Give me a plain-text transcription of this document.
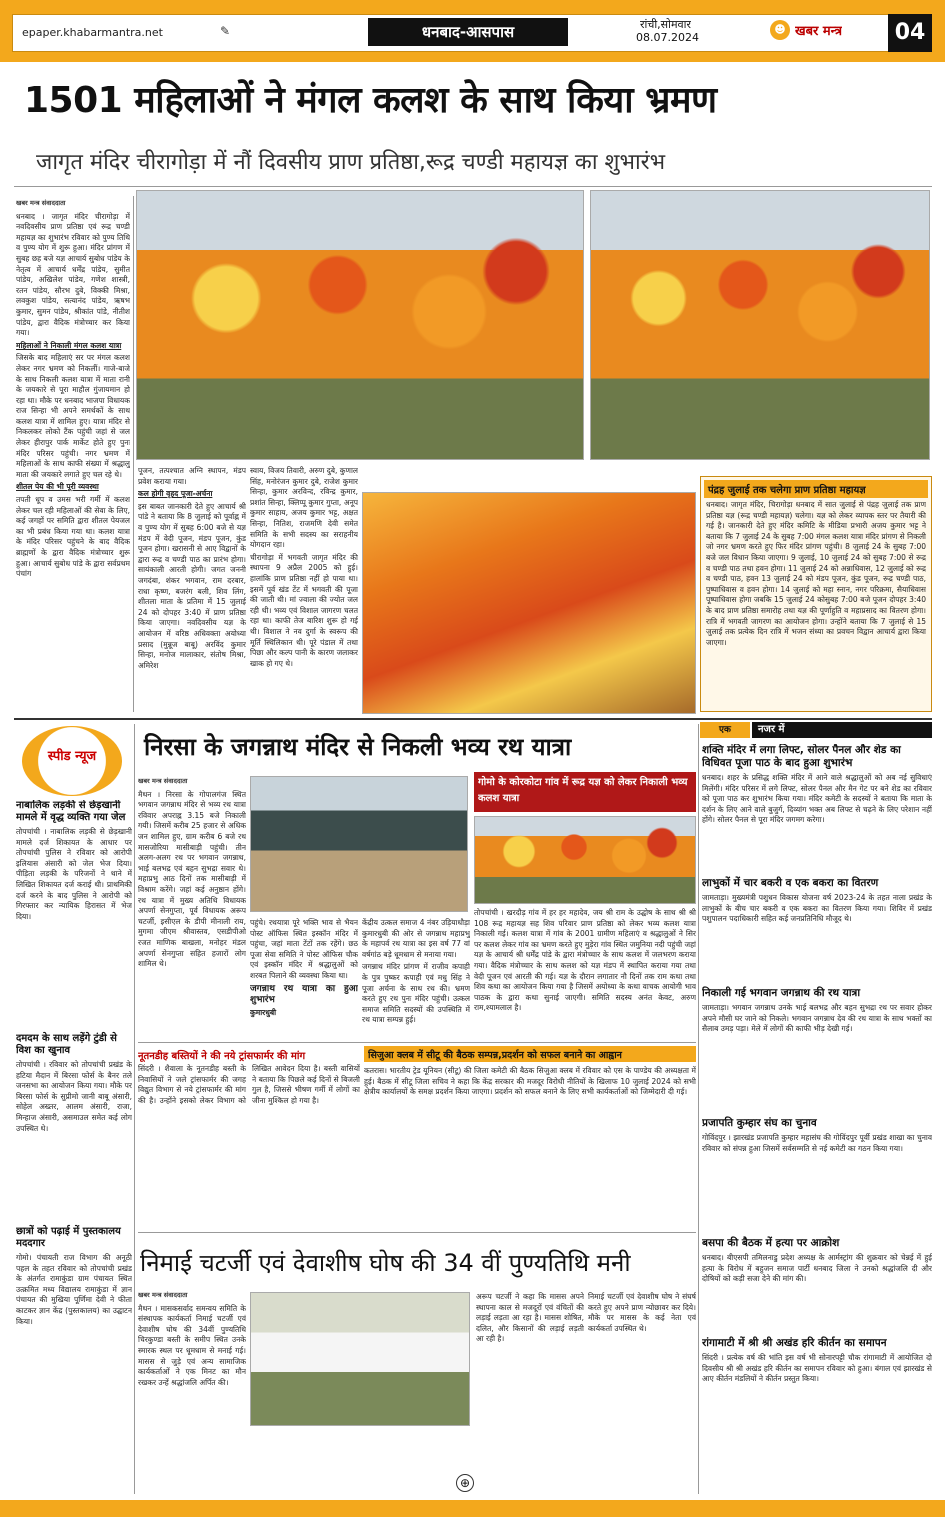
epaper.khabarmantra.net	✎	धनबाद-आसपास	रांची,सोमवार
08.07.2024
☻ खबर मन्त्र	04
1501 महिलाओं ने मंगल कलश के साथ किया भ्रमण
जागृत मंदिर चीरागोड़ा में नौं दिवसीय प्राण प्रतिष्ठा,रूद्र चण्डी महायज्ञ का शुभारंभ
खबर मन्त्र संवाददाता

धनबाद । जागृत मंदिर चीरागोड़ा में नवदिवसीय प्राण प्रतिष्ठा एवं रूद्र चण्डी महायज्ञ का शुभारंभ रविवार को पुण्य तिथि व पुण्य योग में शुरू हुआ। मंदिर प्रांगण में सुबह छह बजे यज्ञ आचार्य सुबोध पांडेय के नेतृत्व में आचार्य धर्मेंद्र पांडेय, सुमीत पांडेय, अखिलेश पांडेय, गणेश शास्त्री, रतन पांडेय, सौरभ दुबे, विक्की मिश्रा, लवकुश पांडेय, सत्यानंद पांडेय, ऋषभ कुमार, सुमन पांडेय, श्रीकांत पांडे, नीतीश पांडेय, द्वारा वैदिक मंत्रोच्चार कर किया गया।

महिलाओं ने निकाली मंगल कलश यात्रा

जिसके बाद महिलाएं सर पर मंगल कलश लेकर नगर भ्रमण को निकलीं। गाजे-बाजे के साथ निकली कलश यात्रा में माता रानी के जयकारे से पूरा माहौल गुंजायमान हो रहा था। मौके पर धनबाद भाजपा विधायक राज सिन्हा भी अपने समर्थकों के साथ कलश यात्रा में शामिल हुए। यात्रा मंदिर से निकलकर लोको टैंक पहुंची जहां से जल लेकर हीरापुर पार्क मार्केट होते हुए पुनः मंदिर परिसर पहुंची। नगर भ्रमण में महिलाओं के साथ काफी संख्या में श्रद्धालु माता की जयकारे लगाते हुए चल रहे थे।

शीतल पेय की भी पूरी व्यवस्था

तपती धूप व उमस भरी गर्मी में कलश लेकर चल रही महिलाओं की सेवा के लिए, कई जगहों पर समिति द्वारा शीतल पेयजल का भी प्रबंध किया गया था। कलश यात्रा के मंदिर परिसर पहुंचने के बाद वैदिक ब्राह्मणों के द्वारा वैदिक मंत्रोच्चार शुरू हुआ। आचार्य सुबोध पांडे के द्वारा सर्वप्रथम पंचांग

पूजन, तत्पश्चात अग्नि स्थापन, मंडप प्रवेश कराया गया।

कल होगी वृहद पूजा-अर्चना

इस बाबत जानकारी देते हुए आचार्य श्री पांडे ने बताया कि 8 जुलाई को पूर्वाह्न में व पुण्य योग में सुबह 6:00 बजे से यज्ञ मंडप में वेदी पूजन, मंडप पूजन, कुंड पूजन होगा। खरासनी से आए विद्वानों के द्वारा रूद्र व चण्डी पाठ का प्रारंभ होगा। सायंकाली आरती होगी। जगत जननी जगदंबा, शंकर भगवान, राम दरबार, राधा कृष्ण, बजरंग बली, शिव लिंग, शीतला माता के प्रतिमा में 15 जुलाई 24 को दोपहर 3:40 में प्राण प्रतिष्ठा किया जाएगा। नवदिवसीय यज्ञ के आयोजन में वरिष्ठ अधिवक्ता अयोध्या प्रसाद (मुन्नूज बाबू) अरविंद कुमार सिन्हा, मनोज मालाकार, संतोष मिश्रा, अमिरेश

स्वाय, विजय तिवारी, अरुण दुबे, कुणाल सिंह, मनोरंजन कुमार दुबे, राजेश कुमार सिन्हा, कुमार अरविन्द, रविन्द्र कुमार, प्रशांत सिन्हा, क्लिप्पू कुमार गुप्ता, अनूप कुमार साहाय, अजय कुमार भट्ट, अक्षत सिन्हा, नितिश, राजमणि देवी समेत समिति के सभी सदस्य का सराहनीय योगदान रहा।

चीरागोड़ा में भगवती जागृत मंदिर की स्थापना 9 अप्रैल 2005 को हुई। हालांकि प्राण प्रतिष्ठा नहीं हो पाया था। इसमें पूर्व खंड टेंट में भगवती की पूजा की जाती थी। मां ज्वाला की ज्योत जल रही थी। भव्य एवं विशाल जागरण चलत रहा था। काफी तेज बारिश शुरू हो गई थी। विशाल ने नव दुर्गा के स्वरूप की मूर्ति स्थिलिकान थी। पूरे पंडाल में तथा पिछा और कल्प पानी के कारण जलाकर खाक हो गए थे।

पंद्रह जुलाई तक चलेगा प्राण प्रतिष्ठा महायज्ञ
धनबाद। जागृत मंदिर, चिरागोड़ा धनबाद में सात जुलाई से पंद्रह जुलाई तक प्राण प्रतिष्ठा यज्ञ (रूद्र चण्डी महायज्ञ) चलेगा। यज्ञ को लेकर व्यापक स्तर पर तैयारी की गई है। जानकारी देते हुए मंदिर कमिटि के मीडिया प्रभारी अजय कुमार भट्ट ने बताया कि 7 जुलाई 24 के सुबह 7:00 मंगल कलश यात्रा मंदिर प्रांगण से निकली जो नगर भ्रमण करते हुए फिर मंदिर प्रांगण पहुंची। 8 जुलाई 24 के सुबह 7:00 बजे जल विधान किया जाएगा। 9 जुलाई, 10 जुलाई 24 को सुबह 7:00 से रूद्र व चण्डी पाठ तथा हवन होगा। 11 जुलाई 24 को अन्नाधिवास, 12 जुलाई को रूद्र व चण्डी पाठ, हवन 13 जुलाई 24 को मंडप पूजन, कुंड पूजन, रूद्र चण्डी पाठ, पुष्पाधिवास व हवन होगा। 14 जुलाई को महा स्नान, नगर परिक्रमा, सैयाधिवास पूष्पाधिवास होगा जबकि 15 जुलाई 24 कोसुबह 7:00 बजे पूजन दोपहर 3:40 के बाद प्राण प्रतिष्ठा समारोह तथा यज्ञ की पूर्णाहुति व महाप्रसाद का वितरण होगा। रात्रि में भगवती जागरण का आयोजन होगा। उन्होंने बताया कि 7 जुलाई से 15 जुलाई तक प्रत्येक दिन रात्रि में भजन संध्या का प्रवचन विद्वान आचार्य द्वारा किया जाएगा।
स्पीड न्यूज
नाबालिक लड़की से छेड़खानी मामले में वृद्ध व्यक्ति गया जेल
तोपचांची । नाबालिक लड़की से छेड़खानी मामले दर्ज शिकायत के आधार पर तोपचांची पुलिस ने रविवार को आरोपी इलियास अंसारी को जेल भेज दिया। पीड़िता लड़की के परिजनों ने थाने में लिखित शिकायत दर्ज कराई थी। प्राथमिकी दर्ज करने के बाद पुलिस ने आरोपी को गिरफ्तार कर न्यायिक हिरासत में भेज दिया।
दमदम के साथ लड़ेंगे टुंडी से विश का खुनाव
तोपचांची । रविवार को तोपचांची प्रखंड के हटिया मैदान में बिरसा फोर्स के बैनर तले जनसभा का आयोजन किया गया। मौके पर बिरसा फोर्स के सुप्रीमो जानी बाबू अंसारी, सोहेल अख्तर, आलम अंसारी, राजा, मिन्हाज अंसारी, असमाउल समेत कई लोग उपस्थित थे।
छात्रों को पढ़ाई में पुस्तकालय मददगार
गोमो। पंचायती राज विभाग की अनूठी पहल के तहत रविवार को तोपचांची प्रखंड के अंतर्गत रामाकुंडा ग्राम पंचायत स्थित उत्क्रमित मध्य विद्यालय रामाकुंडा में ज्ञान पंचायत की मुखिया पूर्णिमा देवी ने फीता काटकर ज्ञान केंद्र (पुस्तकालय) का उद्घाटन किया।
निरसा के जगन्नाथ मंदिर से निकली भव्य रथ यात्रा
खबर मन्त्र संवाददाता

मैथन । निरसा के गोपालगंज स्थित भगवान जगन्नाथ मंदिर से भव्य रथ यात्रा रविवार अपराह्न 3.15 बजे निकाली गयी। जिसमें करीब 25 हजार से अधिक जन शामिल हुए, ग्राम करीब 6 बजे रथ मासजोरिया मासीबाड़ी पहुंची। तीन अलग-अलग रथ पर भगवान जगन्नाथ, भाई बलभद्र एवं बहन सुभद्रा सवार थे। महाप्रभु आठ दिनों तक मासीबाड़ी में विश्राम करेंगे। जहां कई अनुष्ठान होंगे। रथ यात्रा में मुख्य अतिथि विधायक अपर्णा सेनगुप्ता, पूर्व विधायक अरूप चटर्जी, इसीएल के डीपी मीनाली राय, मुगमा जीएम श्रीवास्तव, एसडीपीओ रजत माणिक बाखला, मनोहर मंडल अपर्णा सेनगुप्ता सहित हजारों लोग शामिल थे।

पहुंचे। रथयात्रा पूरे भक्ति भाव से भैयन पोस्ट ऑफिस स्थित इस्कॉन मंदिर में पहुंचा, जहां माता टेंटों तक रहेंगे। छठ पूजा सेवा समिति ने पोस्ट ऑफिस चौक एवं इस्कॉन मंदिर में श्रद्धालुओं को शरबत पिलाने की व्यवस्था किया था।

जगन्नाथ रथ यात्रा का हुआ शुभारंभ

कुमारधुबी

केंद्रीय उत्कल समाज 4 नंबर उड़ियाधौड़ा कुमारधुबी की ओर से जगन्नाथ महाप्रभु के महापर्व रथ यात्रा का इस वर्ष 77 वां वर्षगांठ बड़े धूमधाम से मनाया गया।

जगन्नाथ मंदिर प्रांगण में राजीव कपाही के पुत्र पुष्कर कपाही एवं मधु सिंह ने पूजा अर्चना के साथ रथ की। भ्रमण करते हुए रथ पुनः मंदिर पहुंची। उत्कल समाज समिति सदस्यों की उपस्थिति में रथ यात्रा सम्पन्न हुई।

गोमो के कोरकोटा गांव में रूद्र यज्ञ को लेकर निकाली भव्य कलश यात्रा
तोपचांची । खरदौड़ गांव में हर हर महादेव, जय श्री राम के उद्घोष के साथ श्री श्री 108 रूद्र महायज्ञ सह शिव परिवार प्राण प्रतिष्ठा को लेकर भव्य कलश यात्रा निकाली गई। कलश यात्रा में गांव के 2001 ग्रामीण महिलाएं व श्रद्धालुओं ने सिर पर कलश लेकर गांव का भ्रमण करते हुए मुड़ेरा गांव स्थित जमुनिया नदी पहुंची जहां यज्ञ के आचार्य श्री धर्मेंद्र पांडे के द्वारा मंत्रोच्चार के साथ कलश में जलभरण कराया गया। वैदिक मंत्रोच्चार के साथ कलश को यज्ञ मंडप में स्थापित कराया गया तथा वेदी पूजन एवं आरती की गई। यज्ञ के दौरान लगातार नौ दिनों तक राम कथा तथा शिव कथा का आयोजन किया गया है जिसमें अयोध्या के कथा वाचक आयोगी भाव पाठक के द्वारा कथा सुनाई जाएगी। समिति सदस्य अनंत केवट, अरुण राम,श्यामलाल है।
एक	नजर में
शक्ति मंदिर में लगा लिफ्ट, सोलर पैनल और शेड का विधिवत पूजा पाठ के बाद हुआ शुभारंभ
धनबाद। शहर के प्रसिद्ध शक्ति मंदिर में आने वाले श्रद्धालुओं को अब नई सुविधाएं मिलेंगी। मंदिर परिसर में लगे लिफ्ट, सोलर पैनल और मैन गेट पर बने शेड का रविवार को पूजा पाठ कर शुभारंभ किया गया। मंदिर कमेटी के सदस्यों ने बताया कि माता के दर्शन के लिए आने वाले बुजुर्ग, दिव्यांग भक्त अब लिफ्ट से चढ़ने के लिए परेशान नहीं होंगे। सोलर पैनल से पूरा मंदिर जगमग करेगा।
लाभुकों में चार बकरी व एक बकरा का वितरण
जामताड़ा। मुख्यमंत्री पशुधन विकास योजना वर्ष 2023-24 के तहत नाला प्रखंड के लाभुकों के बीच चार बकरी व एक बकरा का वितरण किया गया। शिविर में प्रखंड पशुपालन पदाधिकारी सहित कई जनप्रतिनिधि मौजूद थे।
निकाली गई भगवान जगन्नाथ की रथ यात्रा
जामताड़ा। भगवान जगन्नाथ उनके भाई बलभद्र और बहन सुभद्रा रथ पर सवार होकर अपने मौसी घर जाने को निकले। भगवान जगन्नाथ देव की रथ यात्रा के साथ भक्तों का सैलाब उमड़ पड़ा। मेले में लोगों की काफी भीड़ देखी गई।
प्रजापति कुम्हार संघ का चुनाव
गोविंदपुर । झारखंड प्रजापति कुम्हार महासंघ की गोविंदपुर पूर्वी प्रखंड शाखा का चुनाव रविवार को संपन्न हुआ जिसमें सर्वसम्मति से नई कमेटी का गठन किया गया।
बसपा की बैठक में हत्या पर आक्रोश
धनबाद। बीएसपी तमिलनाडु प्रदेश अध्यक्ष के आर्मस्ट्रांग की शुक्रवार को चेन्नई में हुई हत्या के विरोध में बहुजन समाज पार्टी धनबाद जिला ने उनको श्रद्धांजलि दी और दोषियों को कड़ी सजा देने की मांग की।
रांगामाटी में श्री श्री अखंड हरि कीर्तन का समापन
सिंदरी । प्रत्येक वर्ष की भांति इस वर्ष भी सोनारपट्टी चौक रांगामाटी में आयोजित दो दिवसीय श्री श्री अखंड हरि कीर्तन का समापन रविवार को हुआ। बंगाल एवं झारखंड से आए कीर्तन मंडलियों ने कीर्तन प्रस्तुत किया।
नूतनडीह बस्तियों ने की नये ट्रांसफार्मर की मांग
सिंदरी । शैवाला के नूतनडीह बस्ती के निवासियों ने जले ट्रांसफार्मर की जगह विद्युत विभाग से नये ट्रांसफार्मर की मांग की है। उन्होंने इसको लेकर विभाग को लिखित आवेदन दिया है। बस्ती वासियों ने बताया कि पिछले कई दिनों से बिजली गुल है, जिससे भीषण गर्मी में लोगों का जीना मुश्किल हो गया है।
सिजुआ क्लब में सीटू की बैठक सम्पन्न,प्रदर्शन को सफल बनाने का आह्वान
कतरास। भारतीय ट्रेड यूनियन (सीटू) की जिला कमेटी की बैठक सिजुआ क्लब में रविवार को एस के पाण्डेय की अध्यक्षता में हुई। बैठक में सीटू जिला सचिव ने कहा कि केंद्र सरकार की मजदूर विरोधी नीतियों के खिलाफ 10 जुलाई 2024 को सभी क्षेत्रीय कार्यालयों के समक्ष प्रदर्शन किया जाएगा। प्रदर्शन को सफल बनाने के लिए सभी कार्यकर्ताओं को जिम्मेदारी दी गई।
निमाई चटर्जी एवं देवाशीष घोष की 34 वीं पुण्यतिथि मनी
खबर मन्त्र संवाददाता

मैथन । मासकसर्वाद समन्वय समिति के संस्थापक कार्यकर्ता निमाई चटर्जी एवं देवाशीष घोष की 34वीं पुण्यतिथि चिरकुण्डा बस्ती के समीप स्थित उनके स्मारक स्थल पर धूमधाम से मनाई गई। मासस से जुड़े एवं अन्य सामाजिक कार्यकर्ताओं ने एक मिनट का मौन रखकर उन्हें श्रद्धांजलि अर्पित की।

अरूप चटर्जी ने कहा कि मासस अपने स्थापना काल से मजदूरों एवं वंचितों की लड़ाई लड़ता आ रहा है। मासस शोषित, दलित, और किसानों की लड़ाई लड़ती आ रही है।
निमाई चटर्जी एवं देवाशीष घोष ने संघर्ष करते हुए अपने प्राण न्योछावर कर दिये। मौके पर मासस के कई नेता एवं कार्यकर्ता उपस्थित थे।
⊕
